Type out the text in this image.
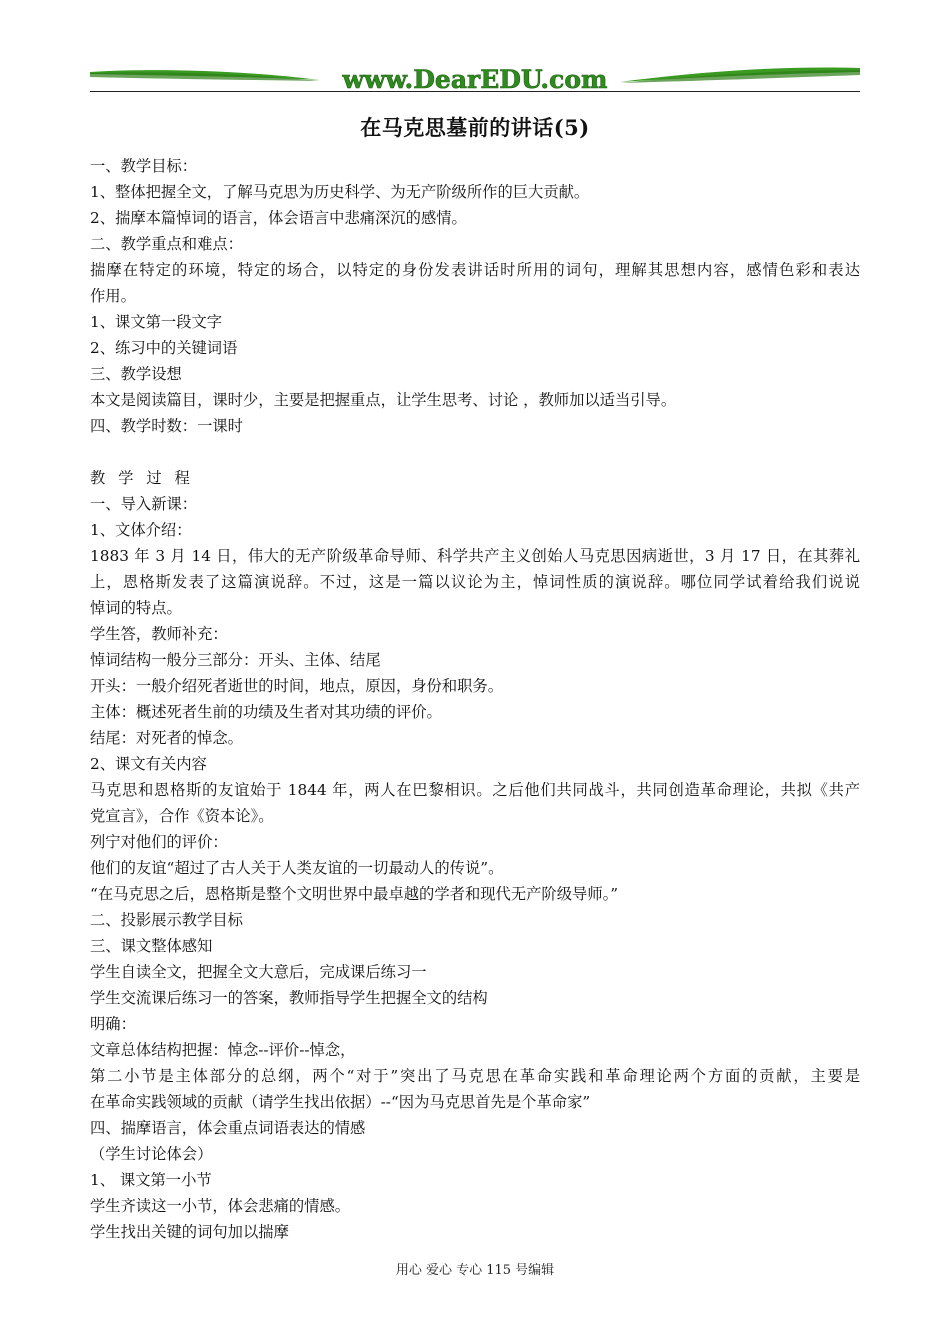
www.DearEDU.com
在马克思墓前的讲话(5)
一、教学目标：
1、整体把握全文，了解马克思为历史科学、为无产阶级所作的巨大贡献。
2、揣摩本篇悼词的语言，体会语言中悲痛深沉的感情。
二、教学重点和难点：
揣摩在特定的环境，特定的场合，以特定的身份发表讲话时所用的词句，理解其思想内容，感情色彩和表达
作用。
1、课文第一段文字
2、练习中的关键词语
三、教学设想
本文是阅读篇目，课时少，主要是把握重点，让学生思考、讨论 ，教师加以适当引导。
四、教学时数：一课时
教 学 过 程
一、导入新课：
1、文体介绍：
1883 年 3 月 14 日，伟大的无产阶级革命导师、科学共产主义创始人马克思因病逝世，3 月 17 日，在其葬礼
上，恩格斯发表了这篇演说辞。不过，这是一篇以议论为主，悼词性质的演说辞。哪位同学试着给我们说说
悼词的特点。
学生答，教师补充：
悼词结构一般分三部分：开头、主体、结尾
开头：一般介绍死者逝世的时间，地点，原因，身份和职务。
主体：概述死者生前的功绩及生者对其功绩的评价。
结尾：对死者的悼念。
2、课文有关内容
马克思和恩格斯的友谊始于 1844 年，两人在巴黎相识。之后他们共同战斗，共同创造革命理论，共拟《共产
党宣言》，合作《资本论》。
列宁对他们的评价：
他们的友谊“超过了古人关于人类友谊的一切最动人的传说”。
“在马克思之后，恩格斯是整个文明世界中最卓越的学者和现代无产阶级导师。”
二、投影展示教学目标
三、课文整体感知
学生自读全文，把握全文大意后，完成课后练习一
学生交流课后练习一的答案，教师指导学生把握全文的结构
明确：
文章总体结构把握：悼念--评价--悼念，
第二小节是主体部分的总纲，两个“对于”突出了马克思在革命实践和革命理论两个方面的贡献，主要是
在革命实践领域的贡献（请学生找出依据）--“因为马克思首先是个革命家”
四、揣摩语言，体会重点词语表达的情感
（学生讨论体会）
1、 课文第一小节
学生齐读这一小节，体会悲痛的情感。
学生找出关键的词句加以揣摩
用心 爱心 专心 115 号编辑
